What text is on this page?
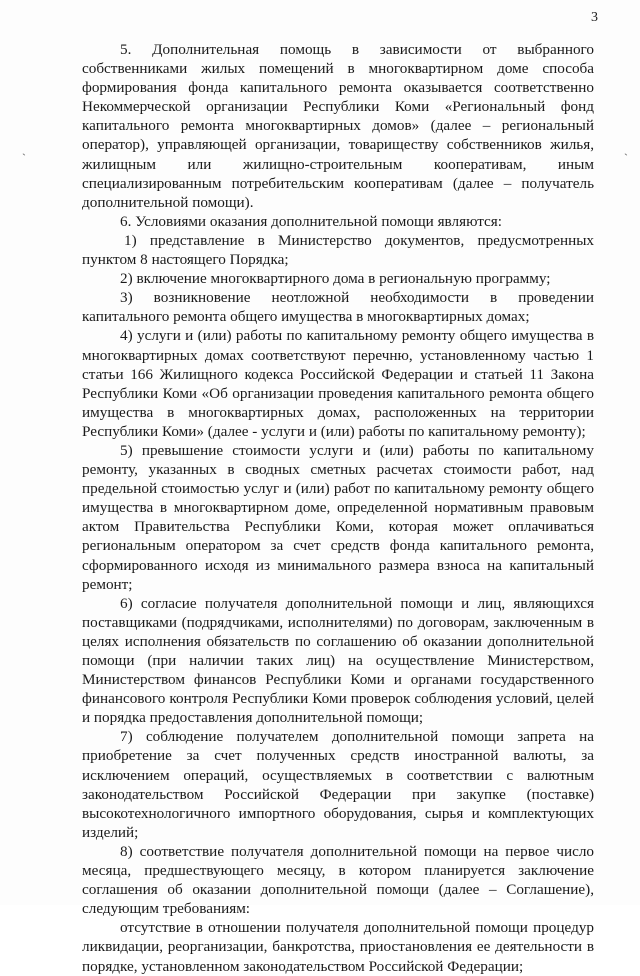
3
`	`

5. Дополнительная помощь в зависимости от выбранного собственниками жилых помещений в многоквартирном доме способа формирования фонда капитального ремонта оказывается соответственно Некоммерческой организации Республики Коми «Региональный фонд капитального ремонта многоквартирных домов» (далее – региональный оператор), управляющей организации, товариществу собственников жилья, жилищным или жилищно-строительным кооперативам, иным специализированным потребительским кооперативам (далее – получатель дополнительной помощи).

6. Условиями оказания дополнительной помощи являются:

1) представление в Министерство документов, предусмотренных пунктом 8 настоящего Порядка;

2) включение многоквартирного дома в региональную программу;

3) возникновение неотложной необходимости в проведении капитального ремонта общего имущества в многоквартирных домах;

4) услуги и (или) работы по капитальному ремонту общего имущества в многоквартирных домах соответствуют перечню, установленному частью 1 статьи 166 Жилищного кодекса Российской Федерации и статьей 11 Закона Республики Коми «Об организации проведения капитального ремонта общего имущества в многоквартирных домах, расположенных на территории Республики Коми» (далее - услуги и (или) работы по капитальному ремонту);

5) превышение стоимости услуги и (или) работы по капитальному ремонту, указанных в сводных сметных расчетах стоимости работ, над предельной стоимостью услуг и (или) работ по капитальному ремонту общего имущества в многоквартирном доме, определенной нормативным правовым актом Правительства Республики Коми, которая может оплачиваться региональным оператором за счет средств фонда капитального ремонта, сформированного исходя из минимального размера взноса на капитальный ремонт;

6) согласие получателя дополнительной помощи и лиц, являющихся поставщиками (подрядчиками, исполнителями) по договорам, заключенным в целях исполнения обязательств по соглашению об оказании дополнительной помощи (при наличии таких лиц) на осуществление Министерством, Министерством финансов Республики Коми и органами государственного финансового контроля Республики Коми проверок соблюдения условий, целей и порядка предоставления дополнительной помощи;

7) соблюдение получателем дополнительной помощи запрета на приобретение за счет полученных средств иностранной валюты, за исключением операций, осуществляемых в соответствии с валютным законодательством Российской Федерации при закупке (поставке) высокотехнологичного импортного оборудования, сырья и комплектующих изделий;

8) соответствие получателя дополнительной помощи на первое число месяца, предшествующего месяцу, в котором планируется заключение соглашения об оказании дополнительной помощи (далее – Соглашение), следующим требованиям:

отсутствие в отношении получателя дополнительной помощи процедур ликвидации, реорганизации, банкротства, приостановления ее деятельности в порядке, установленном законодательством Российской Федерации;
